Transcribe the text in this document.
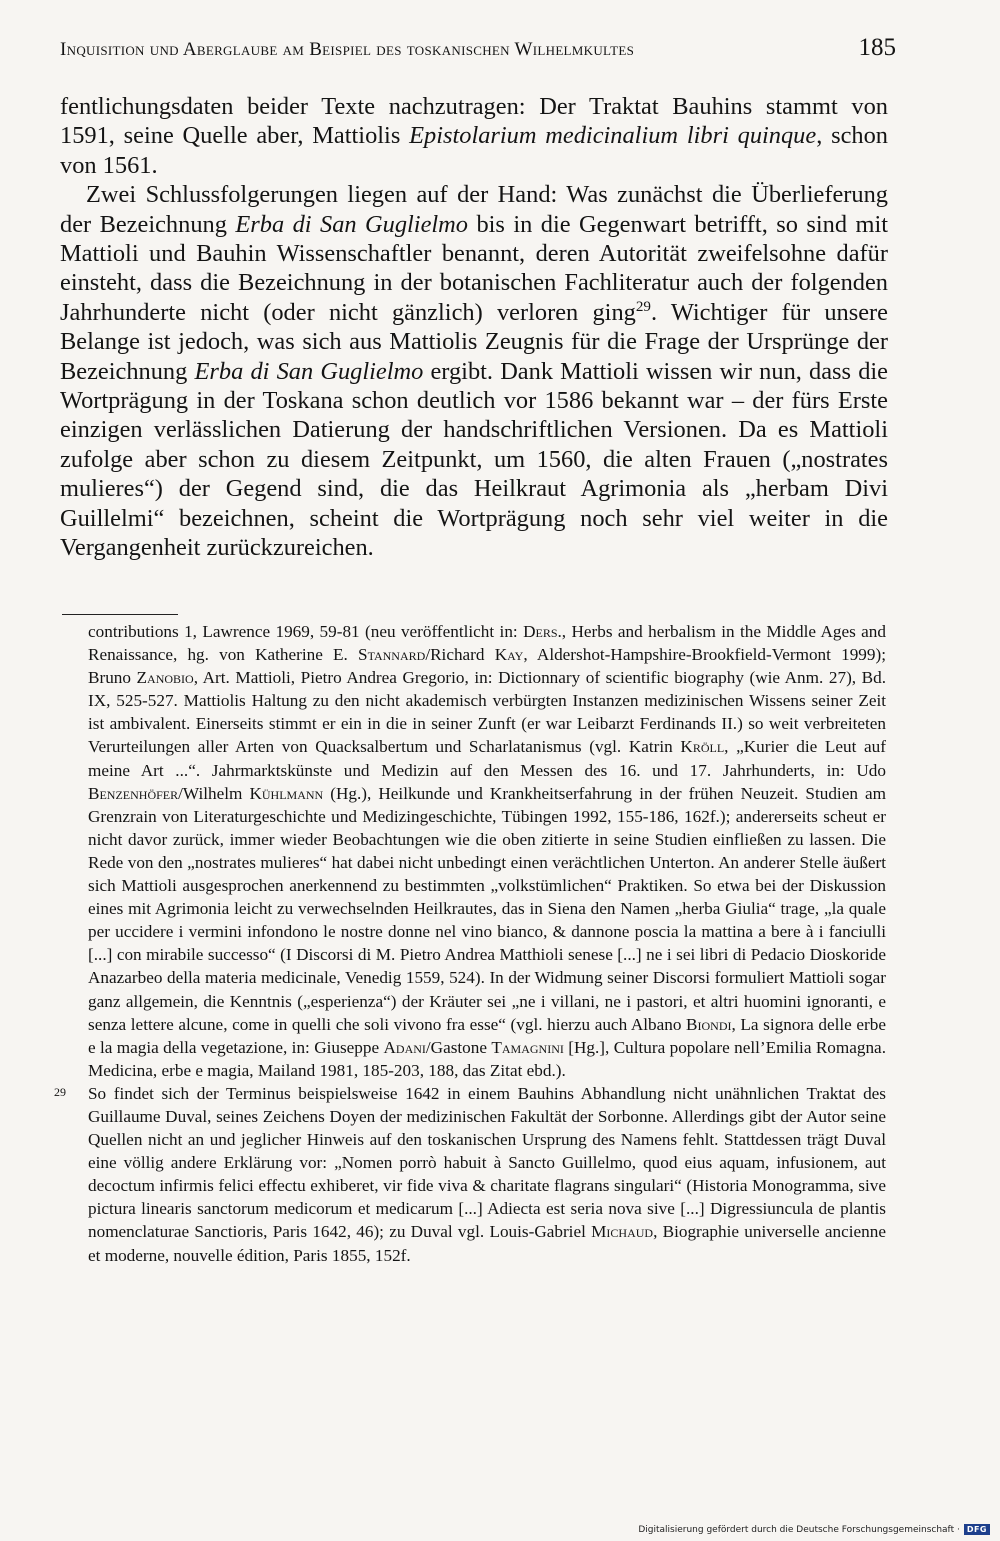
Inquisition und Aberglaube am Beispiel des toskanischen Wilhelmkultes	185

fentlichungsdaten beider Texte nachzutragen: Der Traktat Bauhins stammt von 1591, seine Quelle aber, Mattiolis Epistolarium medicinalium libri quinque, schon von 1561.

Zwei Schlussfolgerungen liegen auf der Hand: Was zunächst die Überlieferung der Bezeichnung Erba di San Guglielmo bis in die Gegenwart betrifft, so sind mit Mattioli und Bauhin Wissenschaftler benannt, deren Autorität zweifelsohne dafür einsteht, dass die Bezeichnung in der botanischen Fachliteratur auch der folgenden Jahrhunderte nicht (oder nicht gänzlich) verloren ging$^{29}$. Wichtiger für unsere Belange ist jedoch, was sich aus Mattiolis Zeugnis für die Frage der Ursprünge der Bezeichnung Erba di San Guglielmo ergibt. Dank Mattioli wissen wir nun, dass die Wortprägung in der Toskana schon deutlich vor 1586 bekannt war – der fürs Erste einzigen verlässlichen Datierung der handschriftlichen Versionen. Da es Mattioli zufolge aber schon zu diesem Zeitpunkt, um 1560, die alten Frauen („nostrates mulieres“) der Gegend sind, die das Heilkraut Agrimonia als „herbam Divi Guillelmi“ bezeichnen, scheint die Wortprägung noch sehr viel weiter in die Vergangenheit zurückzureichen.

contributions 1, Lawrence 1969, 59-81 (neu veröffentlicht in: Ders., Herbs and herbalism in the Middle Ages and Renaissance, hg. von Katherine E. Stannard/Richard Kay, Aldershot-Hampshire-Brookfield-Vermont 1999); Bruno Zanobio, Art. Mattioli, Pietro Andrea Gregorio, in: Dictionnary of scientific biography (wie Anm. 27), Bd. IX, 525-527. Mattiolis Haltung zu den nicht akademisch verbürgten Instanzen medizinischen Wissens seiner Zeit ist ambivalent. Einerseits stimmt er ein in die in seiner Zunft (er war Leibarzt Ferdinands II.) so weit verbreiteten Verurteilungen aller Arten von Quacksalbertum und Scharlatanismus (vgl. Katrin Kröll, „Kurier die Leut auf meine Art ...“. Jahrmarktskünste und Medizin auf den Messen des 16. und 17. Jahrhunderts, in: Udo Benzenhöfer/Wilhelm Kühlmann (Hg.), Heilkunde und Krankheitserfahrung in der frühen Neuzeit. Studien am Grenzrain von Literaturgeschichte und Medizingeschichte, Tübingen 1992, 155-186, 162f.); andererseits scheut er nicht davor zurück, immer wieder Beobachtungen wie die oben zitierte in seine Studien einfließen zu lassen. Die Rede von den „nostrates mulieres“ hat dabei nicht unbedingt einen verächtlichen Unterton. An anderer Stelle äußert sich Mattioli ausgesprochen anerkennend zu bestimmten „volkstümlichen“ Praktiken. So etwa bei der Diskussion eines mit Agrimonia leicht zu verwechselnden Heilkrautes, das in Siena den Namen „herba Giulia“ trage, „la quale per uccidere i vermini infondono le nostre donne nel vino bianco, & dannone poscia la mattina a bere à i fanciulli [...] con mirabile successo“ (I Discorsi di M. Pietro Andrea Matthioli senese [...] ne i sei libri di Pedacio Dioskoride Anazarbeo della materia medicinale, Venedig 1559, 524). In der Widmung seiner Discorsi formuliert Mattioli sogar ganz allgemein, die Kenntnis („esperienza“) der Kräuter sei „ne i villani, ne i pastori, et altri huomini ignoranti, e senza lettere alcune, come in quelli che soli vivono fra esse“ (vgl. hierzu auch Albano Biondi, La signora delle erbe e la magia della vegetazione, in: Giuseppe Adani/Gastone Tamagnini [Hg.], Cultura popolare nell’Emilia Romagna. Medicina, erbe e magia, Mailand 1981, 185-203, 188, das Zitat ebd.).

29 So findet sich der Terminus beispielsweise 1642 in einem Bauhins Abhandlung nicht unähnlichen Traktat des Guillaume Duval, seines Zeichens Doyen der medizinischen Fakultät der Sorbonne. Allerdings gibt der Autor seine Quellen nicht an und jeglicher Hinweis auf den toskanischen Ursprung des Namens fehlt. Stattdessen trägt Duval eine völlig andere Erklärung vor: „Nomen porrò habuit à Sancto Guillelmo, quod eius aquam, infusionem, aut decoctum infirmis felici effectu exhiberet, vir fide viva & charitate flagrans singulari“ (Historia Monogramma, sive pictura linearis sanctorum medicorum et medicarum [...] Adiecta est seria nova sive [...] Digressiuncula de plantis nomenclaturae Sanctioris, Paris 1642, 46); zu Duval vgl. Louis-Gabriel Michaud, Biographie universelle ancienne et moderne, nouvelle édition, Paris 1855, 152f.

Digitalisierung gefördert durch die Deutsche Forschungsgemeinschaft · DFG
